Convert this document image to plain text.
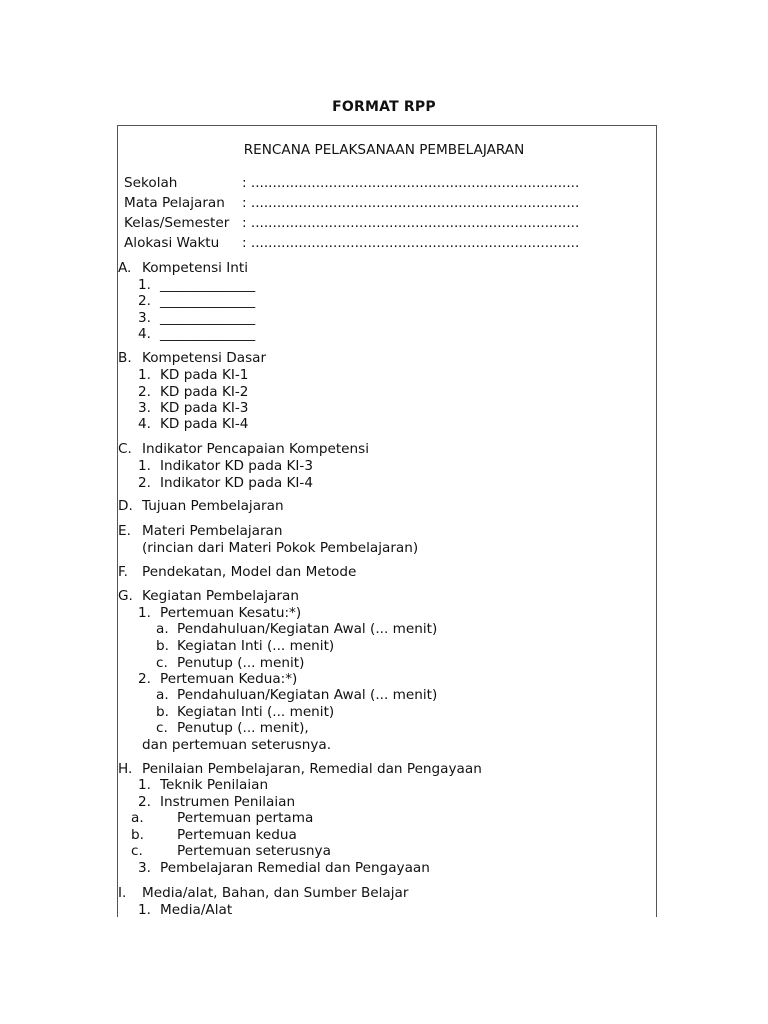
FORMAT RPP
RENCANA PELAKSANAAN PEMBELAJARAN
Sekolah	: ............................................................................
Mata Pelajaran : ............................................................................
Kelas/Semester : ............................................................................
Alokasi Waktu : ............................................................................
A. Kompetensi Inti
1. ______________
2. ______________
3. ______________
4. ______________
B. Kompetensi Dasar
1. KD pada KI-1
2. KD pada KI-2
3. KD pada KI-3
4. KD pada KI-4
C. Indikator Pencapaian Kompetensi
1. Indikator KD pada KI-3
2. Indikator KD pada KI-4
D. Tujuan Pembelajaran
E. Materi Pembelajaran
(rincian dari Materi Pokok Pembelajaran)
F. Pendekatan, Model dan Metode
G. Kegiatan Pembelajaran
1. Pertemuan Kesatu:*)
a. Pendahuluan/Kegiatan Awal (... menit)
b. Kegiatan Inti (... menit)
c. Penutup (... menit)
2. Pertemuan Kedua:*)
a. Pendahuluan/Kegiatan Awal (... menit)
b. Kegiatan Inti (... menit)
c. Penutup (... menit),
dan pertemuan seterusnya.
H. Penilaian Pembelajaran, Remedial dan Pengayaan
1. Teknik Penilaian
2. Instrumen Penilaian
a. Pertemuan pertama
b. Pertemuan kedua
c.	Pertemuan seterusnya
3. Pembelajaran Remedial dan Pengayaan
I. Media/alat, Bahan, dan Sumber Belajar
1. Media/Alat
